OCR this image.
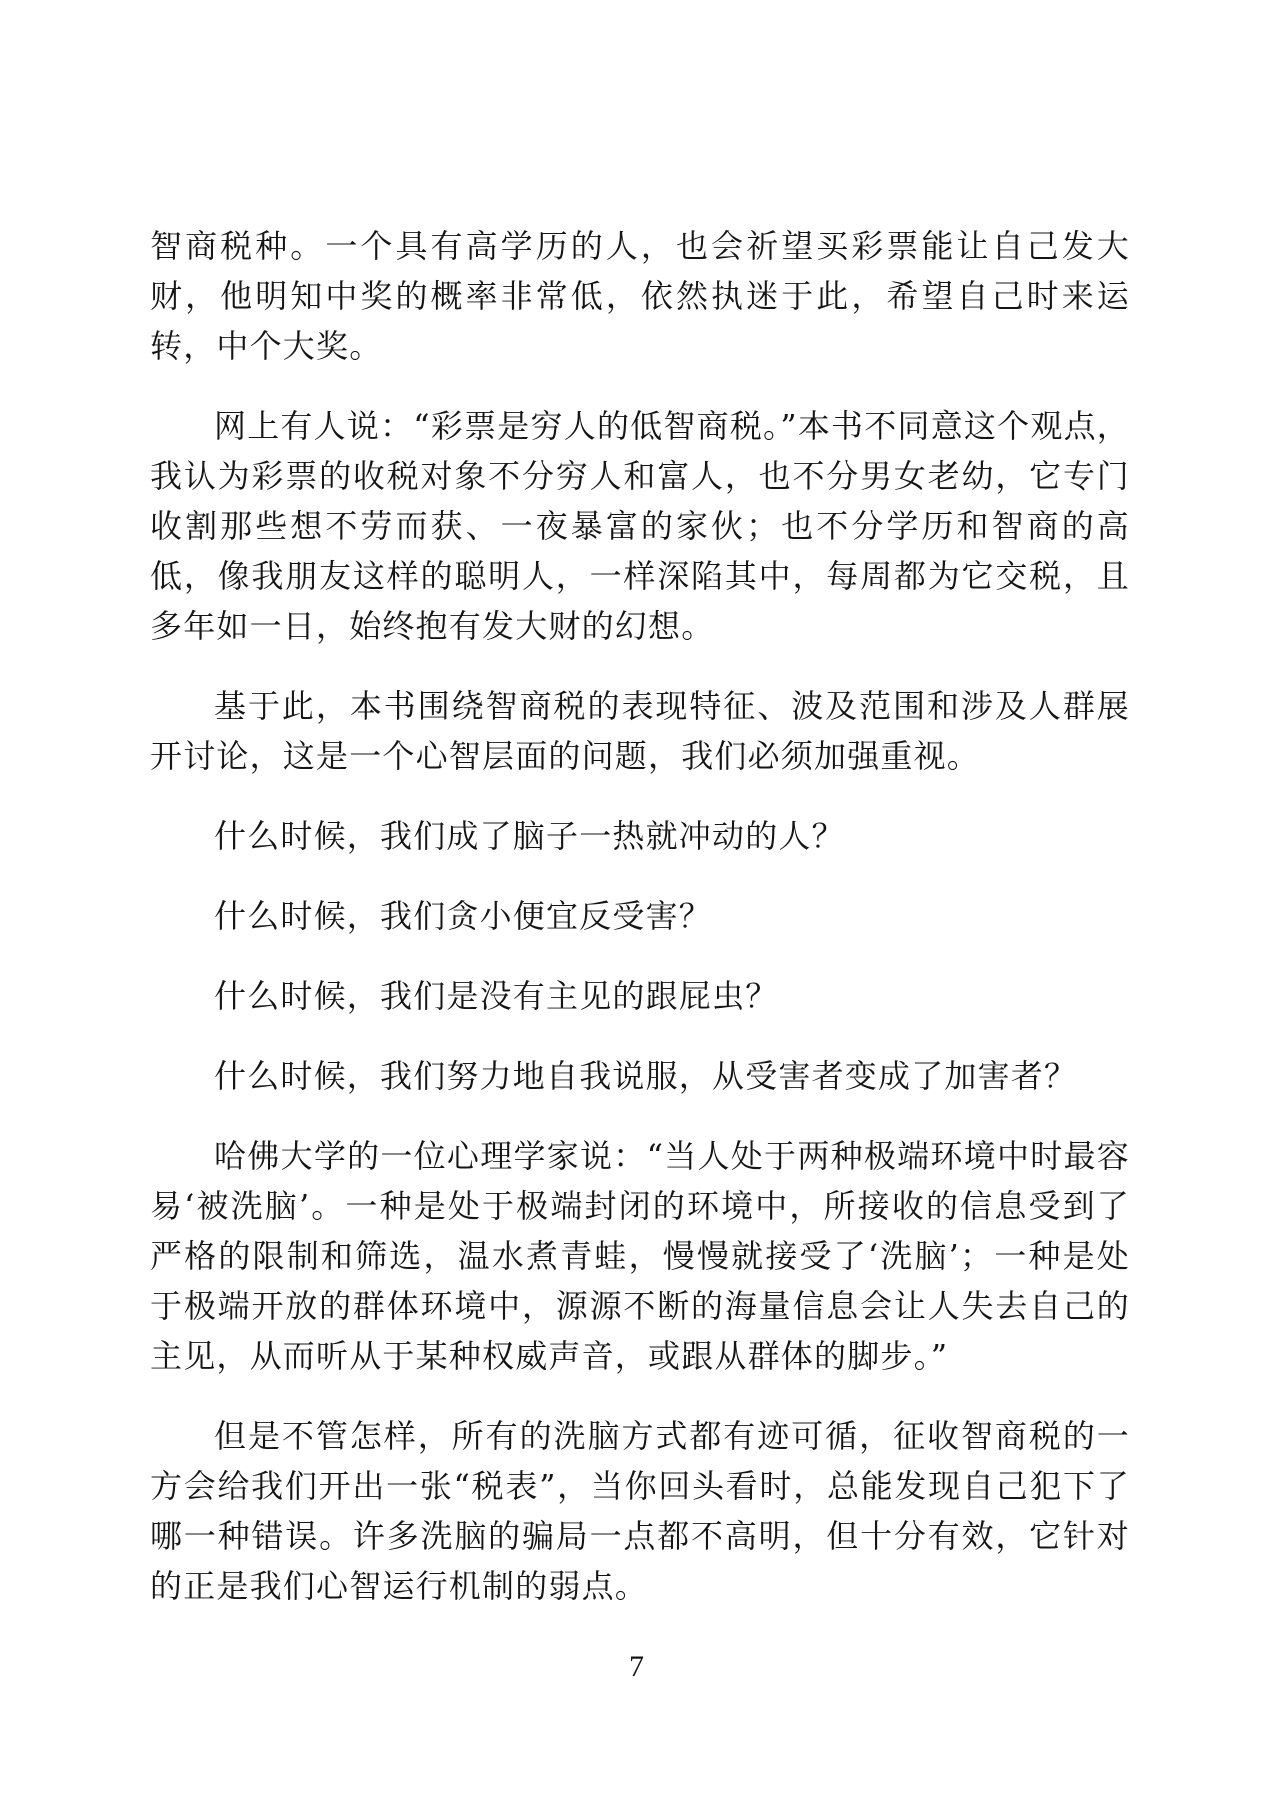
智商税种。一个具有高学历的人，也会祈望买彩票能让自己发大财，他明知中奖的概率非常低，依然执迷于此，希望自己时来运转，中个大奖。

网上有人说：“彩票是穷人的低智商税。”本书不同意这个观点，我认为彩票的收税对象不分穷人和富人，也不分男女老幼，它专门收割那些想不劳而获、一夜暴富的家伙；也不分学历和智商的高低，像我朋友这样的聪明人，一样深陷其中，每周都为它交税，且多年如一日，始终抱有发大财的幻想。

基于此，本书围绕智商税的表现特征、波及范围和涉及人群展开讨论，这是一个心智层面的问题，我们必须加强重视。

什么时候，我们成了脑子一热就冲动的人？

什么时候，我们贪小便宜反受害？

什么时候，我们是没有主见的跟屁虫？

什么时候，我们努力地自我说服，从受害者变成了加害者？

哈佛大学的一位心理学家说：“当人处于两种极端环境中时最容易‘被洗脑’。一种是处于极端封闭的环境中，所接收的信息受到了严格的限制和筛选，温水煮青蛙，慢慢就接受了‘洗脑’；一种是处于极端开放的群体环境中，源源不断的海量信息会让人失去自己的主见，从而听从于某种权威声音，或跟从群体的脚步。”

但是不管怎样，所有的洗脑方式都有迹可循，征收智商税的一方会给我们开出一张“税表”，当你回头看时，总能发现自己犯下了哪一种错误。许多洗脑的骗局一点都不高明，但十分有效，它针对的正是我们心智运行机制的弱点。

7
